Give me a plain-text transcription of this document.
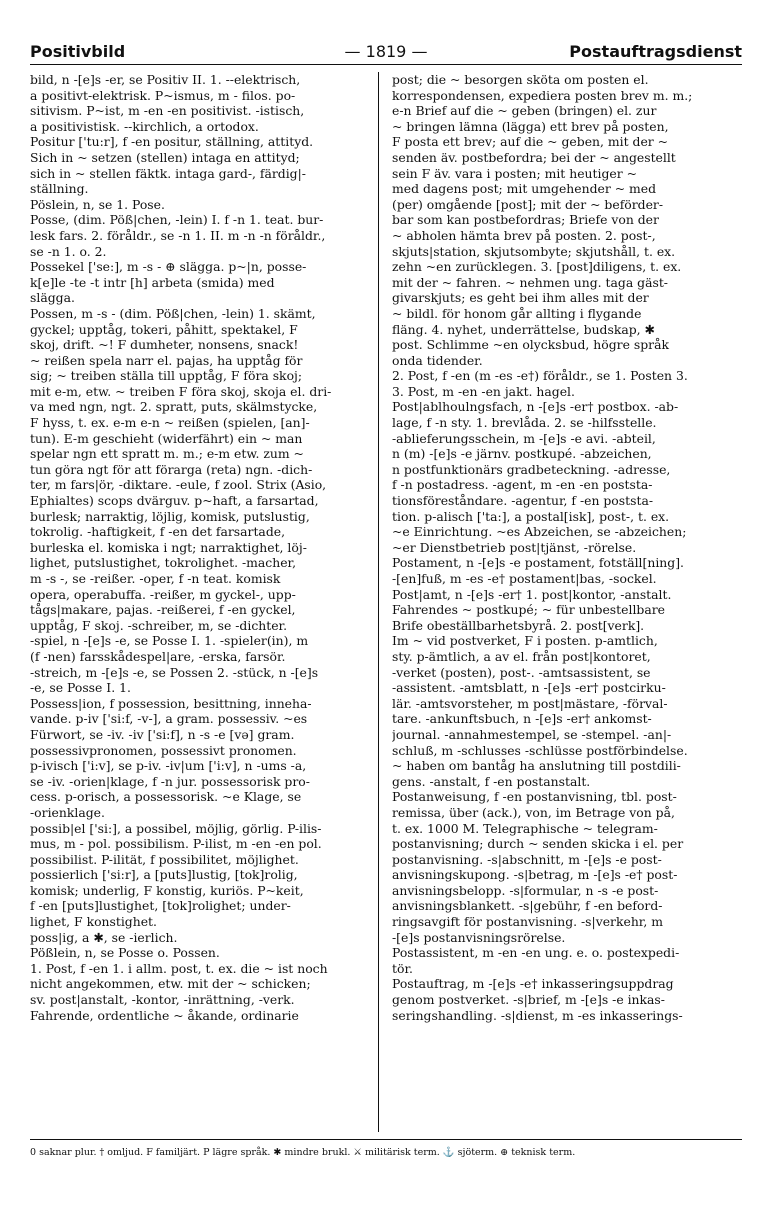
Positivbild	— 1819 —	Postauftragsdienst
bild, n -[e]s -er, se Positiv II. 1. --elektrisch,
a positivt-elektrisk. P~ismus, m - filos. po-
sitivism. P~ist, m -en -en positivist. -istisch,
a positivistisk. --kirchlich, a ortodox.
Positur ['tu:r], f -en positur, ställning, attityd.
Sich in ~ setzen (stellen) intaga en attityd;
sich in ~ stellen fäktk. intaga gard-, färdig|-
ställning.
Pöslein, n, se 1. Pose.
Posse, (dim. Pöß|chen, -lein) I. f -n 1. teat. bur-
lesk fars. 2. föråldr., se -n 1. II. m -n -n föråldr.,
se -n 1. o. 2.
Possekel ['se:], m -s - ⊕ slägga. p~|n, posse-
k[e]le -te -t intr [h] arbeta (smida) med
slägga.
Possen, m -s - (dim. Pöß|chen, -lein) 1. skämt,
gyckel; upptåg, tokeri, påhitt, spektakel, F
skoj, drift. ~! F dumheter, nonsens, snack!
~ reißen spela narr el. pajas, ha upptåg för
sig; ~ treiben ställa till upptåg, F föra skoj;
mit e-m, etw. ~ treiben F föra skoj, skoja el. dri-
va med ngn, ngt. 2. spratt, puts, skälmstycke,
F hyss, t. ex. e-m e-n ~ reißen (spielen, [an]-
tun). E-m geschieht (widerfährt) ein ~ man
spelar ngn ett spratt m. m.; e-m etw. zum ~
tun göra ngt för att förarga (reta) ngn. -dich-
ter, m fars|ör, -diktare. -eule, f zool. Strix (Asio,
Ephialtes) scops dvärguv. p~haft, a farsartad,
burlesk; narraktig, löjlig, komisk, putslustig,
tokrolig. -haftigkeit, f -en det farsartade,
burleska el. komiska i ngt; narraktighet, löj-
lighet, putslustighet, tokrolighet. -macher,
m -s -, se -reißer. -oper, f -n teat. komisk
opera, operabuffa. -reißer, m gyckel-, upp-
tågs|makare, pajas. -reißerei, f -en gyckel,
upptåg, F skoj. -schreiber, m, se -dichter.
-spiel, n -[e]s -e, se Posse I. 1. -spieler(in), m
(f -nen) farsskådespel|are, -erska, farsör.
-streich, m -[e]s -e, se Possen 2. -stück, n -[e]s
-e, se Posse I. 1.
Possess|ion, f possession, besittning, inneha-
vande. p-iv ['si:f, -v-], a gram. possessiv. ~es
Fürwort, se -iv. -iv ['si:f], n -s -e [və] gram.
possessivpronomen, possessivt pronomen.
p-ivisch ['i:v], se p-iv. -iv|um ['i:v], n -ums -a,
se -iv. -orien|klage, f -n jur. possessorisk pro-
cess. p-orisch, a possessorisk. ~e Klage, se
-orienklage.
possib|el ['si:], a possibel, möjlig, görlig. P-ilis-
mus, m - pol. possibilism. P-ilist, m -en -en pol.
possibilist. P-ilität, f possibilitet, möjlighet.
possierlich ['si:r], a [puts]lustig, [tok]rolig,
komisk; underlig, F konstig, kuriös. P~keit,
f -en [puts]lustighet, [tok]rolighet; under-
lighet, F konstighet.
poss|ig, a ✱, se -ierlich.
Pößlein, n, se Posse o. Possen.
1. Post, f -en 1. i allm. post, t. ex. die ~ ist noch
nicht angekommen, etw. mit der ~ schicken;
sv. post|anstalt, -kontor, -inrättning, -verk.
Fahrende, ordentliche ~ åkande, ordinarie
post; die ~ besorgen sköta om posten el.
korrespondensen, expediera posten brev m. m.;
e-n Brief auf die ~ geben (bringen) el. zur
~ bringen lämna (lägga) ett brev på posten,
F posta ett brev; auf die ~ geben, mit der ~
senden äv. postbefordra; bei der ~ angestellt
sein F äv. vara i posten; mit heutiger ~
med dagens post; mit umgehender ~ med
(per) omgående [post]; mit der ~ beförder-
bar som kan postbefordras; Briefe von der
~ abholen hämta brev på posten. 2. post-,
skjuts|station, skjutsombyte; skjutshåll, t. ex.
zehn ~en zurücklegen. 3. [post]diligens, t. ex.
mit der ~ fahren. ~ nehmen ung. taga gäst-
givarskjuts; es geht bei ihm alles mit der
~ bildl. för honom går allting i flygande
fläng. 4. nyhet, underrättelse, budskap, ✱
post. Schlimme ~en olycksbud, högre språk
onda tidender.
2. Post, f -en (m -es -e†) föråldr., se 1. Posten 3.
3. Post, m -en -en jakt. hagel.
Post|ablhoulngsfach, n -[e]s -er† postbox. -ab-
lage, f -n sty. 1. brevlåda. 2. se -hilfsstelle.
-ablieferungsschein, m -[e]s -e avi. -abteil,
n (m) -[e]s -e järnv. postkupé. -abzeichen,
n postfunktionärs gradbeteckning. -adresse,
f -n postadress. -agent, m -en -en poststa-
tionsföreståndare. -agentur, f -en poststa-
tion. p-alisch ['ta:], a postal[isk], post-, t. ex.
~e Einrichtung. ~es Abzeichen, se -abzeichen;
~er Dienstbetrieb post|tjänst, -rörelse.
Postament, n -[e]s -e postament, fotställ[ning].
-[en]fuß, m -es -e† postament|bas, -sockel.
Post|amt, n -[e]s -er† 1. post|kontor, -anstalt.
Fahrendes ~ postkupé; ~ für unbestellbare
Brife obeställbarhetsbyrå. 2. post[verk].
Im ~ vid postverket, F i posten. p-amtlich,
sty. p-ämtlich, a av el. från post|kontoret,
-verket (posten), post-. -amtsassistent, se
-assistent. -amtsblatt, n -[e]s -er† postcirku-
lär. -amtsvorsteher, m post|mästare, -förval-
tare. -ankunftsbuch, n -[e]s -er† ankomst-
journal. -annahmestempel, se -stempel. -an|-
schluß, m -schlusses -schlüsse postförbindelse.
~ haben om bantåg ha anslutning till postdili-
gens. -anstalt, f -en postanstalt.
Postanweisung, f -en postanvisning, tbl. post-
remissa, über (ack.), von, im Betrage von på,
t. ex. 1000 M. Telegraphische ~ telegram-
postanvisning; durch ~ senden skicka i el. per
postanvisning. -s|abschnitt, m -[e]s -e post-
anvisningskupong. -s|betrag, m -[e]s -e† post-
anvisningsbelopp. -s|formular, n -s -e post-
anvisningsblankett. -s|gebühr, f -en beford-
ringsavgift för postanvisning. -s|verkehr, m
-[e]s postanvisningsrörelse.
Postassistent, m -en -en ung. e. o. postexpedi-
tör.
Postauftrag, m -[e]s -e† inkasseringsuppdrag
genom postverket. -s|brief, m -[e]s -e inkas-
seringshandling. -s|dienst, m -es inkasserings-
0 saknar plur. † omljud. F familjärt. P lägre språk. ✱ mindre brukl. ⚔ militärisk term. ⚓ sjöterm. ⊕ teknisk term.
